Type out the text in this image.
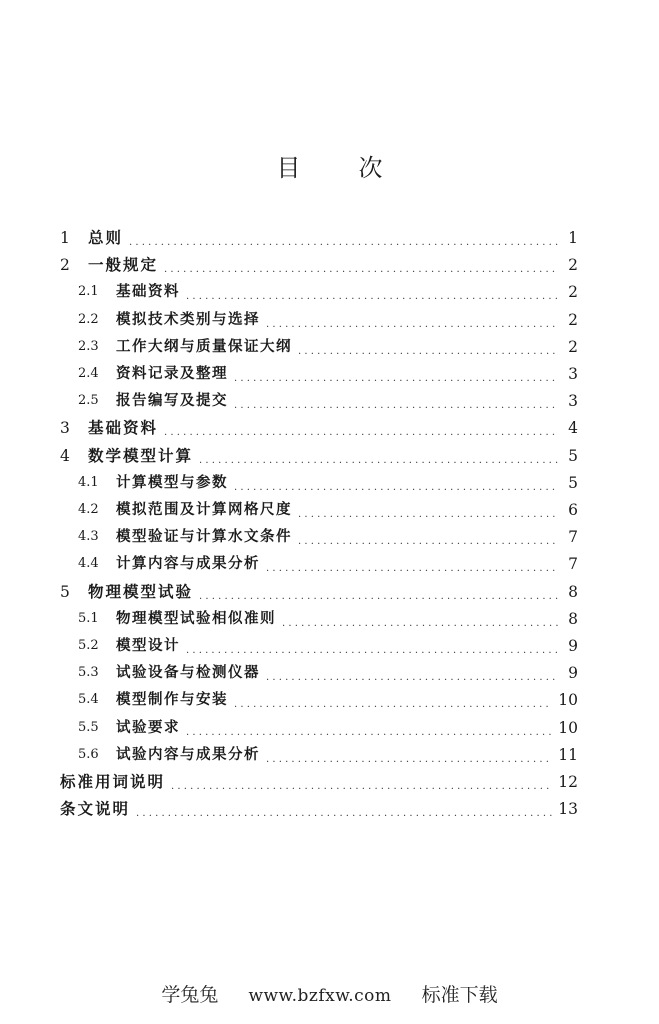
目次
1	总则 . . .	1
2	一般规定 . . .	2
2.1	基础资料 . . .	2
2.2	模拟技术类别与选择 . . .	2
2.3	工作大纲与质量保证大纲 . . .	2
2.4	资料记录及整理 . . .	3
2.5	报告编写及提交 . . .	3
3	基础资料 . . .	4
4	数学模型计算 . . .	5
4.1	计算模型与参数 . . .	5
4.2	模拟范围及计算网格尺度 . . .	6
4.3	模型验证与计算水文条件 . . .	7
4.4	计算内容与成果分析 . . .	7
5	物理模型试验 . . .	8
5.1	物理模型试验相似准则 . . .	8
5.2	模型设计 . . .	9
5.3	试验设备与检测仪器 . . .	9
5.4	模型制作与安装 . . .	10
5.5	试验要求 . . .	10
5.6	试验内容与成果分析 . . .	11
标准用词说明 . . .	12
条文说明 . . .	13
学兔兔 www.bzfxw.com 标准下载
